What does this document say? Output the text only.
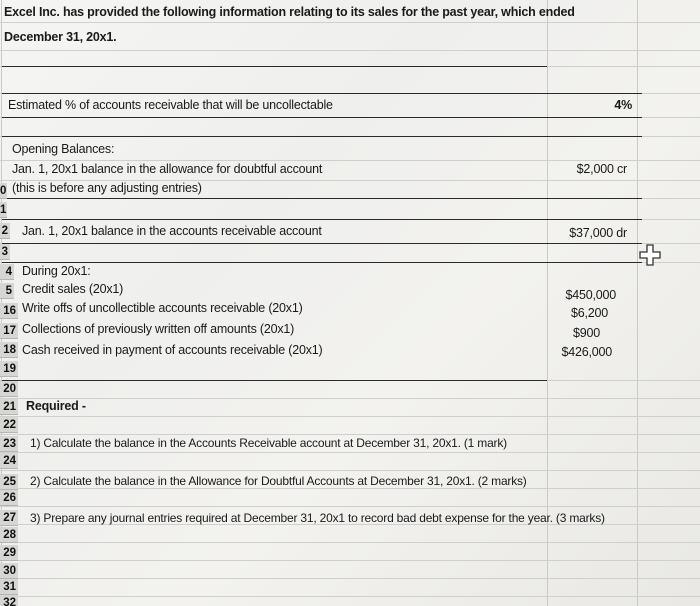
Excel Inc. has provided the following information relating to its sales for the past year, which ended
December 31, 20x1.
Estimated % of accounts receivable that will be uncollectable	4%
Opening Balances:
Jan. 1, 20x1 balance in the allowance for doubtful account	$2,000 cr
(this is before any adjusting entries)
Jan. 1, 20x1 balance in the accounts receivable account	$37,000 dr
During 20x1:
Credit sales (20x1)	$450,000
Write offs of uncollectible accounts receivable (20x1)	$6,200
Collections of previously written off amounts (20x1)	$900
Cash received in payment of accounts receivable (20x1)	$426,000
Required -
1) Calculate the balance in the Accounts Receivable account at December 31, 20x1. (1 mark)
2) Calculate the balance in the Allowance for Doubtful Accounts at December 31, 20x1. (2 marks)
3) Prepare any journal entries required at December 31, 20x1 to record bad debt expense for the year. (3 marks)
0
1
2
3
4
5
16
17
18
19
20
21
22
23
24
25
26
27
28
29
30
31
32
